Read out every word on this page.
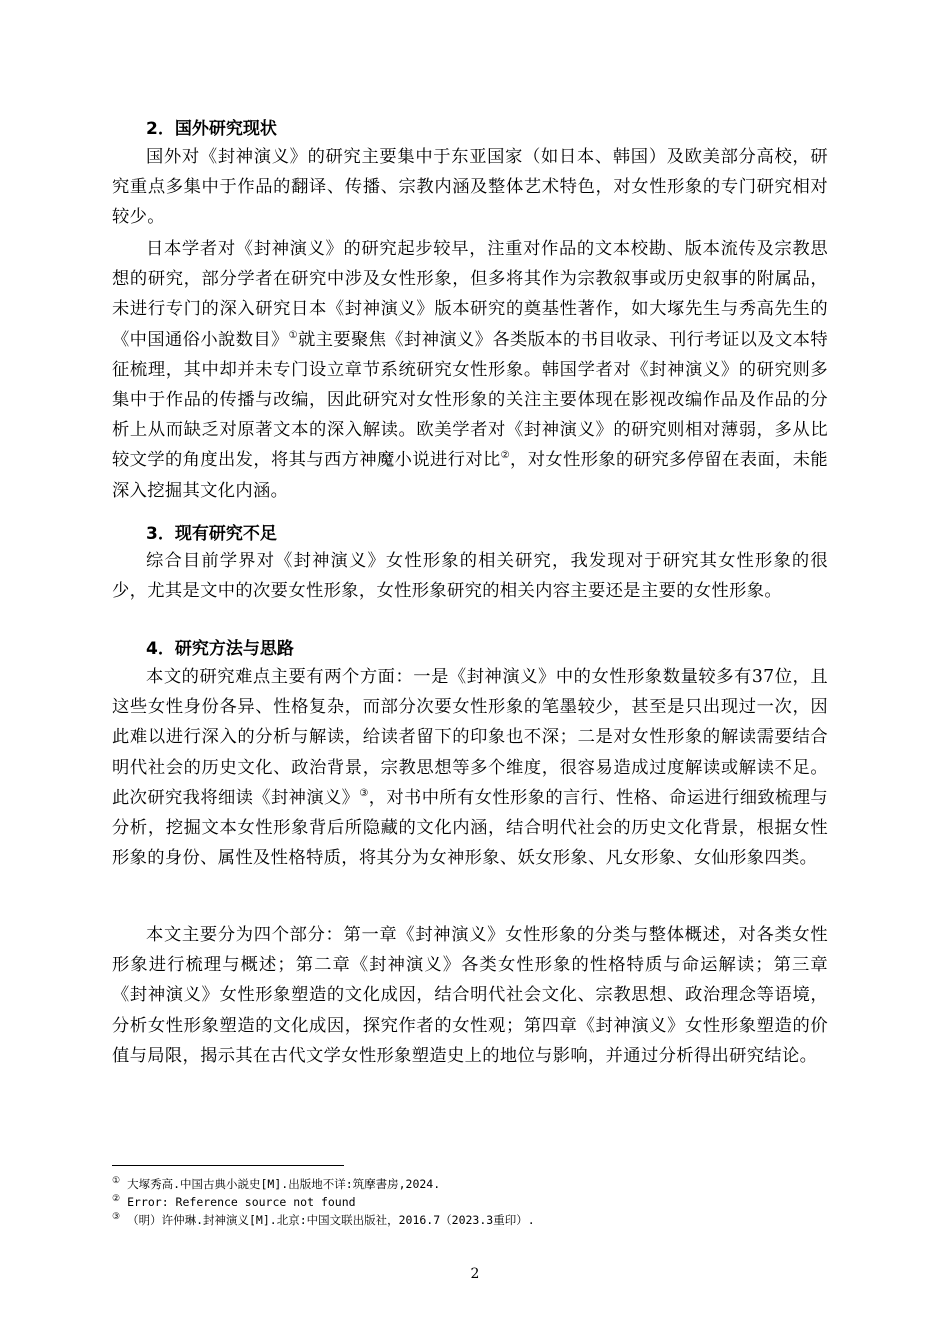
2．国外研究现状

国外对《封神演义》的研究主要集中于东亚国家（如日本、韩国）及欧美部分高校，研究重点多集中于作品的翻译、传播、宗教内涵及整体艺术特色，对女性形象的专门研究相对较少。

日本学者对《封神演义》的研究起步较早，注重对作品的文本校勘、版本流传及宗教思想的研究，部分学者在研究中涉及女性形象，但多将其作为宗教叙事或历史叙事的附属品，未进行专门的深入研究日本《封神演义》版本研究的奠基性著作，如大塚先生与秀高先生的《中国通俗小說数目》①就主要聚焦《封神演义》各类版本的书目收录、刊行考证以及文本特征梳理，其中却并未专门设立章节系统研究女性形象。韩国学者对《封神演义》的研究则多集中于作品的传播与改编，因此研究对女性形象的关注主要体现在影视改编作品及作品的分析上从而缺乏对原著文本的深入解读。欧美学者对《封神演义》的研究则相对薄弱，多从比较文学的角度出发，将其与西方神魔小说进行对比②，对女性形象的研究多停留在表面，未能深入挖掘其文化内涵。

3．现有研究不足

综合目前学界对《封神演义》女性形象的相关研究，我发现对于研究其女性形象的很少，尤其是文中的次要女性形象，女性形象研究的相关内容主要还是主要的女性形象。

4．研究方法与思路

本文的研究难点主要有两个方面：一是《封神演义》中的女性形象数量较多有37位，且这些女性身份各异、性格复杂，而部分次要女性形象的笔墨较少，甚至是只出现过一次，因此难以进行深入的分析与解读，给读者留下的印象也不深；二是对女性形象的解读需要结合明代社会的历史文化、政治背景，宗教思想等多个维度，很容易造成过度解读或解读不足。此次研究我将细读《封神演义》③，对书中所有女性形象的言行、性格、命运进行细致梳理与分析，挖掘文本女性形象背后所隐藏的文化内涵，结合明代社会的历史文化背景，根据女性形象的身份、属性及性格特质，将其分为女神形象、妖女形象、凡女形象、女仙形象四类。

本文主要分为四个部分：第一章《封神演义》女性形象的分类与整体概述，对各类女性形象进行梳理与概述；第二章《封神演义》各类女性形象的性格特质与命运解读；第三章《封神演义》女性形象塑造的文化成因，结合明代社会文化、宗教思想、政治理念等语境，分析女性形象塑造的文化成因，探究作者的女性观；第四章《封神演义》女性形象塑造的价值与局限，揭示其在古代文学女性形象塑造史上的地位与影响，并通过分析得出研究结论。

① 大塚秀高.中国古典小説史[M].出版地不详:筑摩書房,2024.
② Error: Reference source not found
③ （明）许仲琳.封神演义[M].北京:中国文联出版社，2016.7（2023.3重印）.
2
